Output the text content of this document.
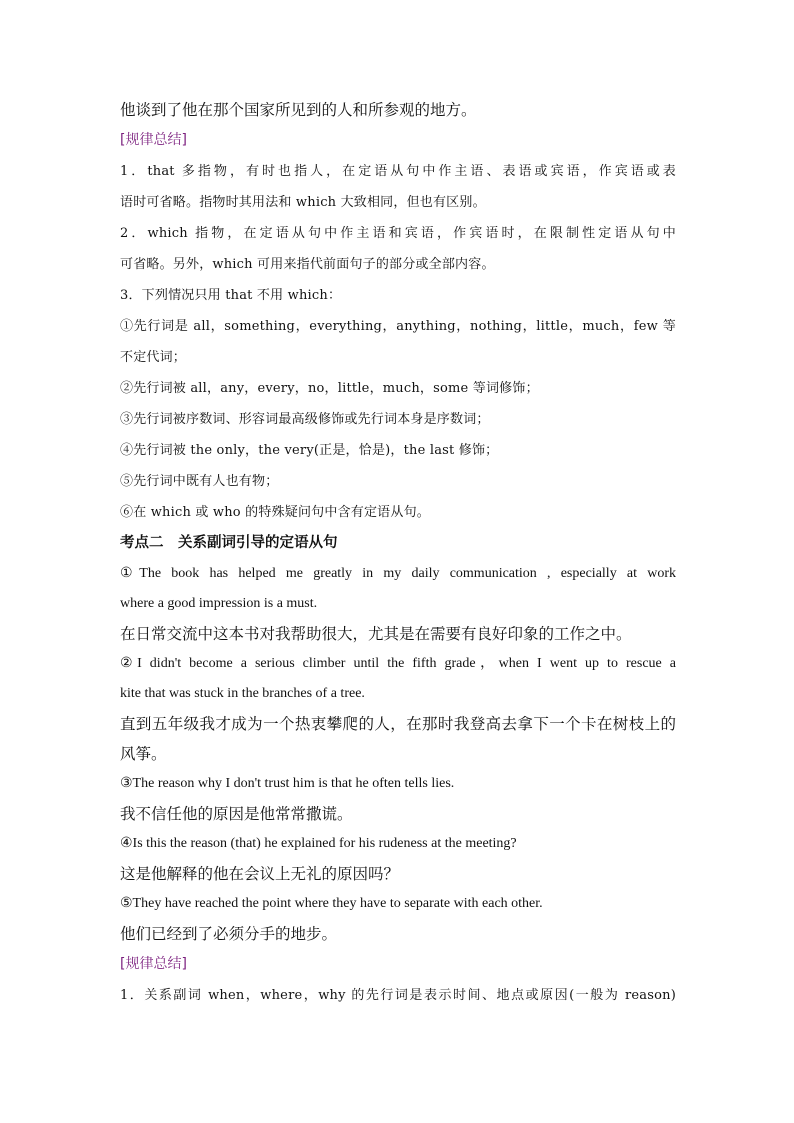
他谈到了他在那个国家所见到的人和所参观的地方。
[规律总结]
1．that 多指物，有时也指人，在定语从句中作主语、表语或宾语，作宾语或表
语时可省略。指物时其用法和 which 大致相同，但也有区别。
2．which 指物，在定语从句中作主语和宾语，作宾语时，在限制性定语从句中
可省略。另外，which 可用来指代前面句子的部分或全部内容。
3．下列情况只用 that 不用 which：
①先行词是 all，something，everything，anything，nothing，little，much，few 等
不定代词；
②先行词被 all，any，every，no，little，much，some 等词修饰；
③先行词被序数词、形容词最高级修饰或先行词本身是序数词；
④先行词被 the only，the very(正是，恰是)，the last 修饰；
⑤先行词中既有人也有物；
⑥在 which 或 who 的特殊疑问句中含有定语从句。
考点二　关系副词引导的定语从句
①The book has helped me greatly in my daily communication , especially at work
where a good impression is a must.
在日常交流中这本书对我帮助很大，尤其是在需要有良好印象的工作之中。
②I didn't become a serious climber until the fifth grade，when I went up to rescue a
kite that was stuck in the branches of a tree.
直到五年级我才成为一个热衷攀爬的人，在那时我登高去拿下一个卡在树枝上的
风筝。
③The reason why I don't trust him is that he often tells lies.
我不信任他的原因是他常常撒谎。
④Is this the reason (that) he explained for his rudeness at the meeting?
这是他解释的他在会议上无礼的原因吗？
⑤They have reached the point where they have to separate with each other.
他们已经到了必须分手的地步。
[规律总结]
1．关系副词 when，where，why 的先行词是表示时间、地点或原因(一般为 reason)
